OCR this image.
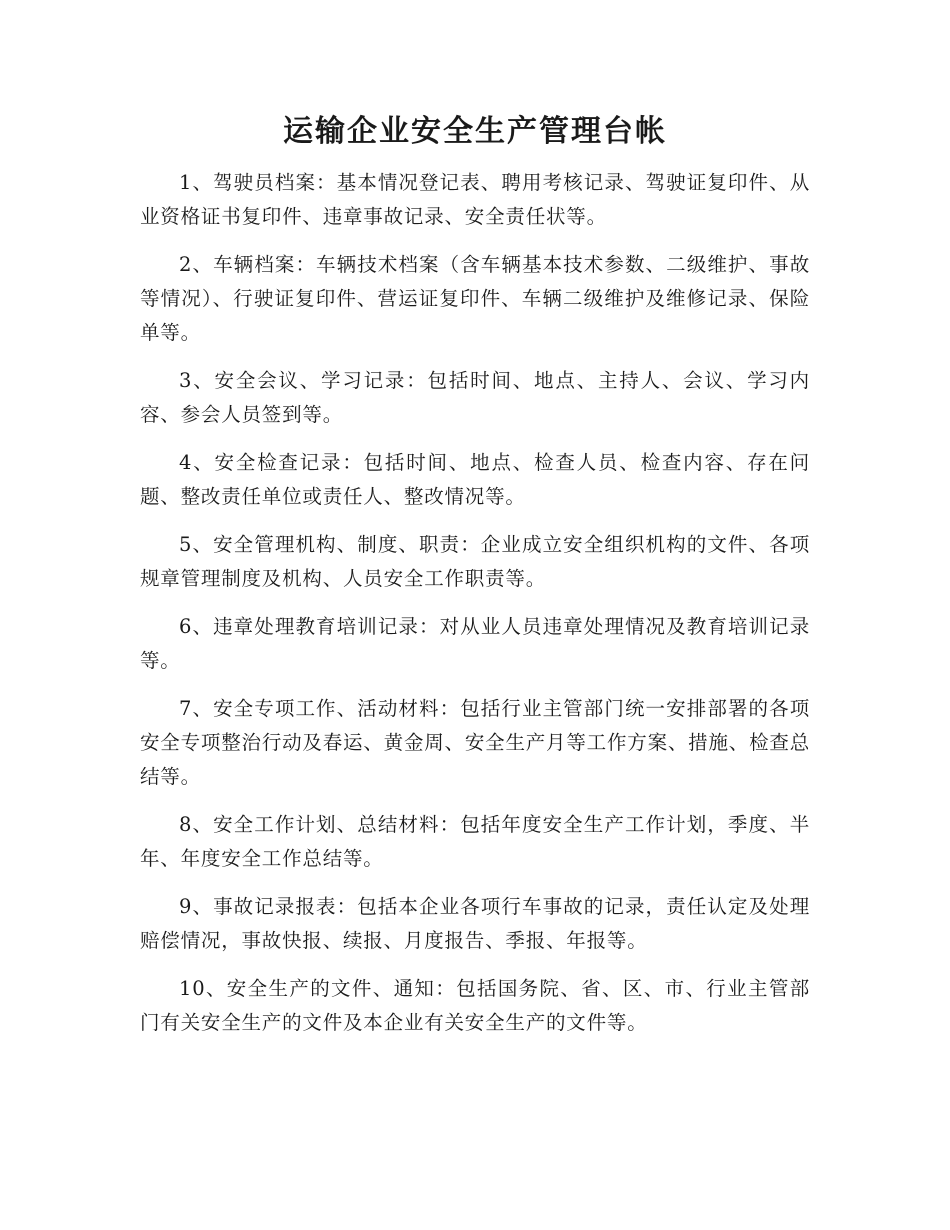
运输企业安全生产管理台帐

1、驾驶员档案：基本情况登记表、聘用考核记录、驾驶证复印件、从业资格证书复印件、违章事故记录、安全责任状等。

2、车辆档案：车辆技术档案（含车辆基本技术参数、二级维护、事故等情况）、行驶证复印件、营运证复印件、车辆二级维护及维修记录、保险单等。

3、安全会议、学习记录：包括时间、地点、主持人、会议、学习内容、参会人员签到等。

4、安全检查记录：包括时间、地点、检查人员、检查内容、存在问题、整改责任单位或责任人、整改情况等。

5、安全管理机构、制度、职责：企业成立安全组织机构的文件、各项规章管理制度及机构、人员安全工作职责等。

6、违章处理教育培训记录：对从业人员违章处理情况及教育培训记录等。

7、安全专项工作、活动材料：包括行业主管部门统一安排部署的各项安全专项整治行动及春运、黄金周、安全生产月等工作方案、措施、检查总结等。

8、安全工作计划、总结材料：包括年度安全生产工作计划，季度、半年、年度安全工作总结等。

9、事故记录报表：包括本企业各项行车事故的记录，责任认定及处理赔偿情况，事故快报、续报、月度报告、季报、年报等。

10、安全生产的文件、通知：包括国务院、省、区、市、行业主管部门有关安全生产的文件及本企业有关安全生产的文件等。
